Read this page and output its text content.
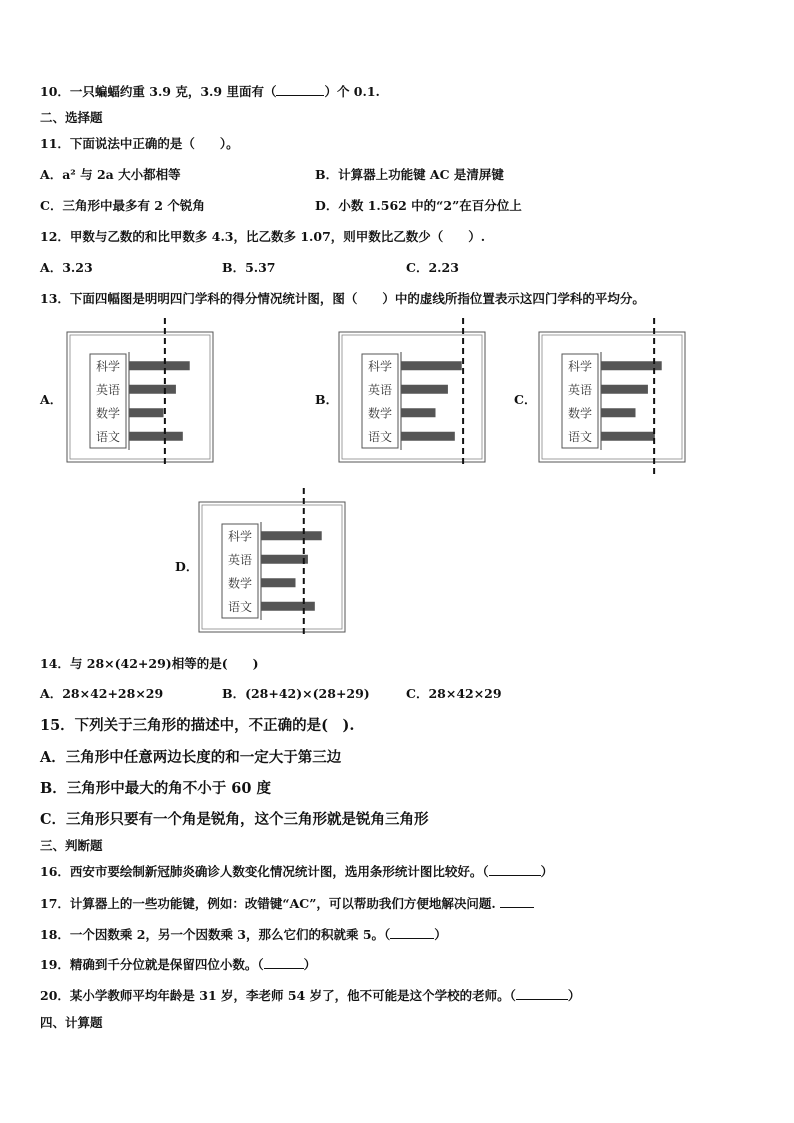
10．一只蝙蝠约重 3.9 克，3.9 里面有（	）个 0.1.
二、选择题
11．下面说法中正确的是（　　）。
A．a² 与 2a 大小都相等	B．计算器上功能键 AC 是清屏键
C．三角形中最多有 2 个锐角	D．小数 1.562 中的“2”在百分位上
12．甲数与乙数的和比甲数多 4.3，比乙数多 1.07，则甲数比乙数少（　　）.
A．3.23	B．5.37	C．2.23
13．下面四幅图是明明四门学科的得分情况统计图，图（　　）中的虚线所指位置表示这四门学科的平均分。
A．
科学
英语
数学
语文
B．
科学
英语
数学
语文
C．
科学
英语
数学
语文
D．
科学
英语
数学
语文
14．与 28×(42+29)相等的是(　　)
A．28×42+28×29	B．(28+42)×(28+29)	C．28×42×29
15．下列关于三角形的描述中，不正确的是(　).
A．三角形中任意两边长度的和一定大于第三边
B．三角形中最大的角不小于 60 度
C．三角形只要有一个角是锐角，这个三角形就是锐角三角形
三、判断题
16．西安市要绘制新冠肺炎确诊人数变化情况统计图，选用条形统计图比较好。（	）
17．计算器上的一些功能键，例如：改错键“AC”，可以帮助我们方便地解决问题.
18．一个因数乘 2，另一个因数乘 3，那么它们的积就乘 5。（	）
19．精确到千分位就是保留四位小数。（	）
20．某小学教师平均年龄是 31 岁，李老师 54 岁了，他不可能是这个学校的老师。（	）
四、计算题
